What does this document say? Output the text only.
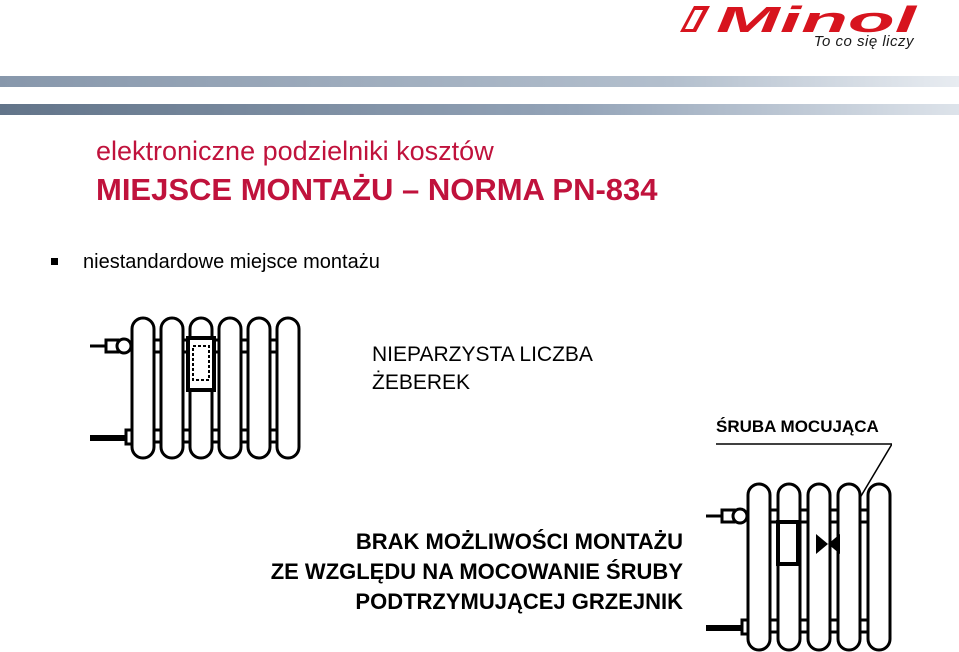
Minol
To co się liczy
elektroniczne podzielniki kosztów
MIEJSCE MONTAŻU – NORMA PN-834
niestandardowe miejsce montażu
NIEPARZYSTA LICZBA
ŻEBEREK
ŚRUBA MOCUJĄCA
BRAK MOŻLIWOŚCI MONTAŻU
ZE WZGLĘDU NA MOCOWANIE ŚRUBY
PODTRZYMUJĄCEJ GRZEJNIK
